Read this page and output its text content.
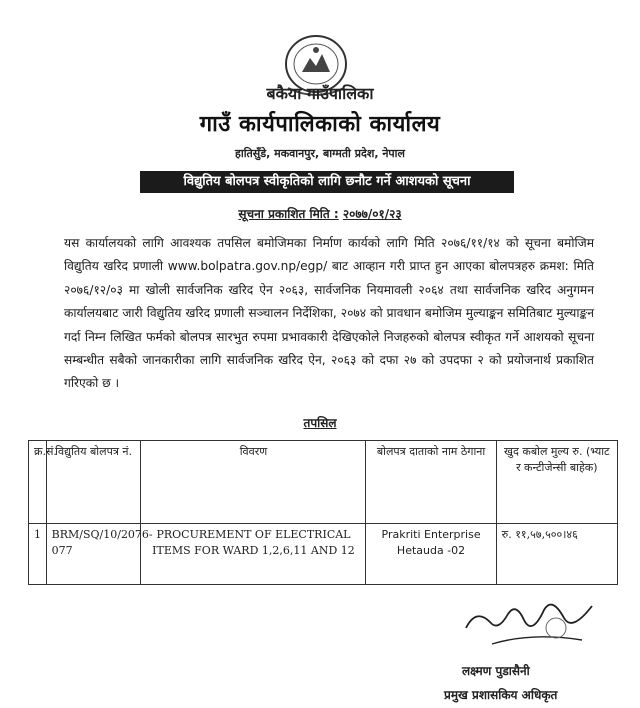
बकैया गाउँपालिका
गाउँ कार्यपालिकाको कार्यालय
हातिसुँडे, मकवानपुर, बाग्मती प्रदेश, नेपाल
विद्युतिय बोलपत्र स्वीकृतिको लागि छनौट गर्ने आशयको सूचना
सूचना प्रकाशित मिति : २०७७/०१/२३
यस कार्यालयको लागि आवश्यक तपसिल बमोजिमका निर्माण कार्यको लागि मिति २०७६/११/१४ को सूचना बमोजिम विद्युतिय खरिद प्रणाली www.bolpatra.gov.np/egp/ बाट आव्हान गरी प्राप्त हुन आएका बोलपत्रहरु क्रमश: मिति २०७६/१२/०३ मा खोली सार्वजनिक खरिद ऐन २०६३, सार्वजनिक नियमावली २०६४ तथा सार्वजनिक खरिद अनुगमन कार्यालयबाट जारी विद्युतिय खरिद प्रणाली सञ्चालन निर्देशिका, २०७४ को प्रावधान बमोजिम मुल्याङ्कन समितिबाट मुल्याङ्कन गर्दा निम्न लिखित फर्मको बोलपत्र सारभुत रुपमा प्रभावकारी देखिएकोले निजहरुको बोलपत्र स्वीकृत गर्ने आशयको सूचना सम्बन्धीत सबैको जानकारीका लागि सार्वजनिक खरिद ऐन, २०६३ को दफा २७ को उपदफा २ को प्रयोजनार्थ प्रकाशित गरिएको छ ।
तपसिल
क्र.सं.	विद्युतिय बोलपत्र नं.	विवरण	बोलपत्र दाताको नाम ठेगाना	खुद कबोल मुल्य रु. (भ्याट र कन्टीजेन्सी बाहेक)
1	BRM/SQ/10/2076-077	PROCUREMENT OF ELECTRICAL ITEMS FOR WARD 1,2,6,11 AND 12	Prakriti Enterprise Hetauda -02	रु. ११,५७,५००।४६
लक्ष्मण पुडासैनी
प्रमुख प्रशासकिय अधिकृत
